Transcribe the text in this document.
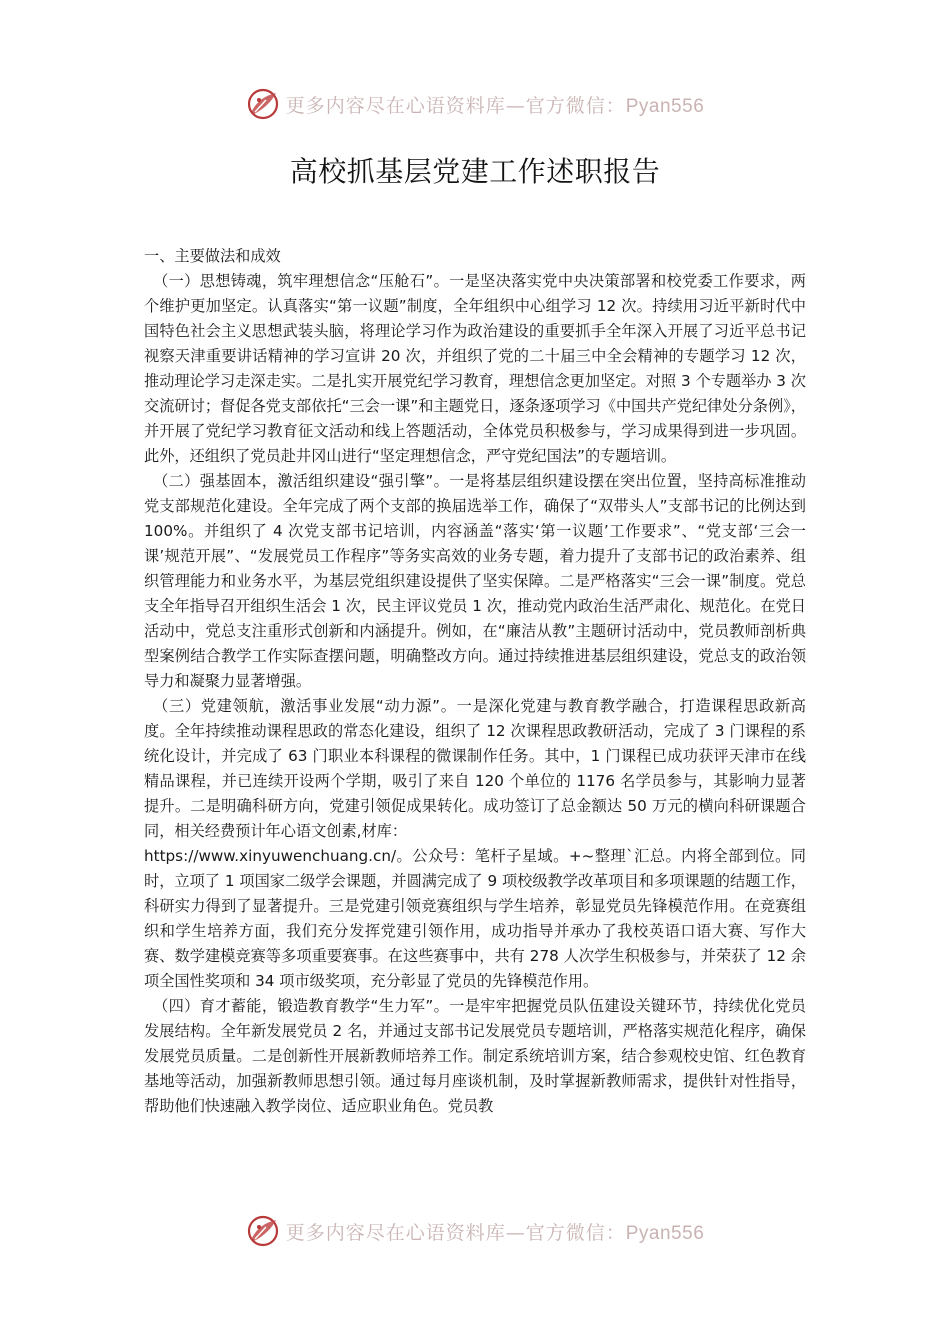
更多内容尽在心语资料库—官方微信：Pyan556
高校抓基层党建工作述职报告

一、主要做法和成效

（一）思想铸魂，筑牢理想信念“压舱石”。一是坚决落实党中央决策部署和校党委工作要求，两个维护更加坚定。认真落实“第一议题”制度，全年组织中心组学习 12 次。持续用习近平新时代中国特色社会主义思想武装头脑，将理论学习作为政治建设的重要抓手全年深入开展了习近平总书记视察天津重要讲话精神的学习宣讲 20 次，并组织了党的二十届三中全会精神的专题学习 12 次，推动理论学习走深走实。二是扎实开展党纪学习教育，理想信念更加坚定。对照 3 个专题举办 3 次交流研讨；督促各党支部依托“三会一课”和主题党日，逐条逐项学习《中国共产党纪律处分条例》，并开展了党纪学习教育征文活动和线上答题活动，全体党员积极参与，学习成果得到进一步巩固。此外，还组织了党员赴井冈山进行“坚定理想信念，严守党纪国法”的专题培训。

（二）强基固本，激活组织建设“强引擎”。一是将基层组织建设摆在突出位置，坚持高标准推动党支部规范化建设。全年完成了两个支部的换届选举工作，确保了“双带头人”支部书记的比例达到 100%。并组织了 4 次党支部书记培训，内容涵盖“落实‘第一议题’工作要求”、“党支部‘三会一课’规范开展”、“发展党员工作程序”等务实高效的业务专题，着力提升了支部书记的政治素养、组织管理能力和业务水平，为基层党组织建设提供了坚实保障。二是严格落实“三会一课”制度。党总支全年指导召开组织生活会 1 次，民主评议党员 1 次，推动党内政治生活严肃化、规范化。在党日活动中，党总支注重形式创新和内涵提升。例如，在“廉洁从教”主题研讨活动中，党员教师剖析典型案例结合教学工作实际查摆问题，明确整改方向。通过持续推进基层组织建设，党总支的政治领导力和凝聚力显著增强。

（三）党建领航，激活事业发展“动力源”。一是深化党建与教育教学融合，打造课程思政新高度。全年持续推动课程思政的常态化建设，组织了 12 次课程思政教研活动，完成了 3 门课程的系统化设计，并完成了 63 门职业本科课程的微课制作任务。其中，1 门课程已成功获评天津市在线精品课程，并已连续开设两个学期，吸引了来自 120 个单位的 1176 名学员参与，其影响力显著提升。二是明确科研方向，党建引领促成果转化。成功签订了总金额达 50 万元的横向科研课题合同，相关经费预计年心语文创素,材库：

https://www.xinyuwenchuang.cn/。公众号：笔杆子星域。+~整理`汇总。内将全部到位。同时，立项了 1 项国家二级学会课题，并圆满完成了 9 项校级教学改革项目和多项课题的结题工作，科研实力得到了显著提升。三是党建引领竞赛组织与学生培养，彰显党员先锋模范作用。在竞赛组织和学生培养方面，我们充分发挥党建引领作用，成功指导并承办了我校英语口语大赛、写作大赛、数学建模竞赛等多项重要赛事。在这些赛事中，共有 278 人次学生积极参与，并荣获了 12 余项全国性奖项和 34 项市级奖项，充分彰显了党员的先锋模范作用。

（四）育才蓄能，锻造教育教学“生力军”。一是牢牢把握党员队伍建设关键环节，持续优化党员发展结构。全年新发展党员 2 名，并通过支部书记发展党员专题培训，严格落实规范化程序，确保发展党员质量。二是创新性开展新教师培养工作。制定系统培训方案，结合参观校史馆、红色教育基地等活动，加强新教师思想引领。通过每月座谈机制，及时掌握新教师需求，提供针对性指导，帮助他们快速融入教学岗位、适应职业角色。党员教

更多内容尽在心语资料库—官方微信：Pyan556
